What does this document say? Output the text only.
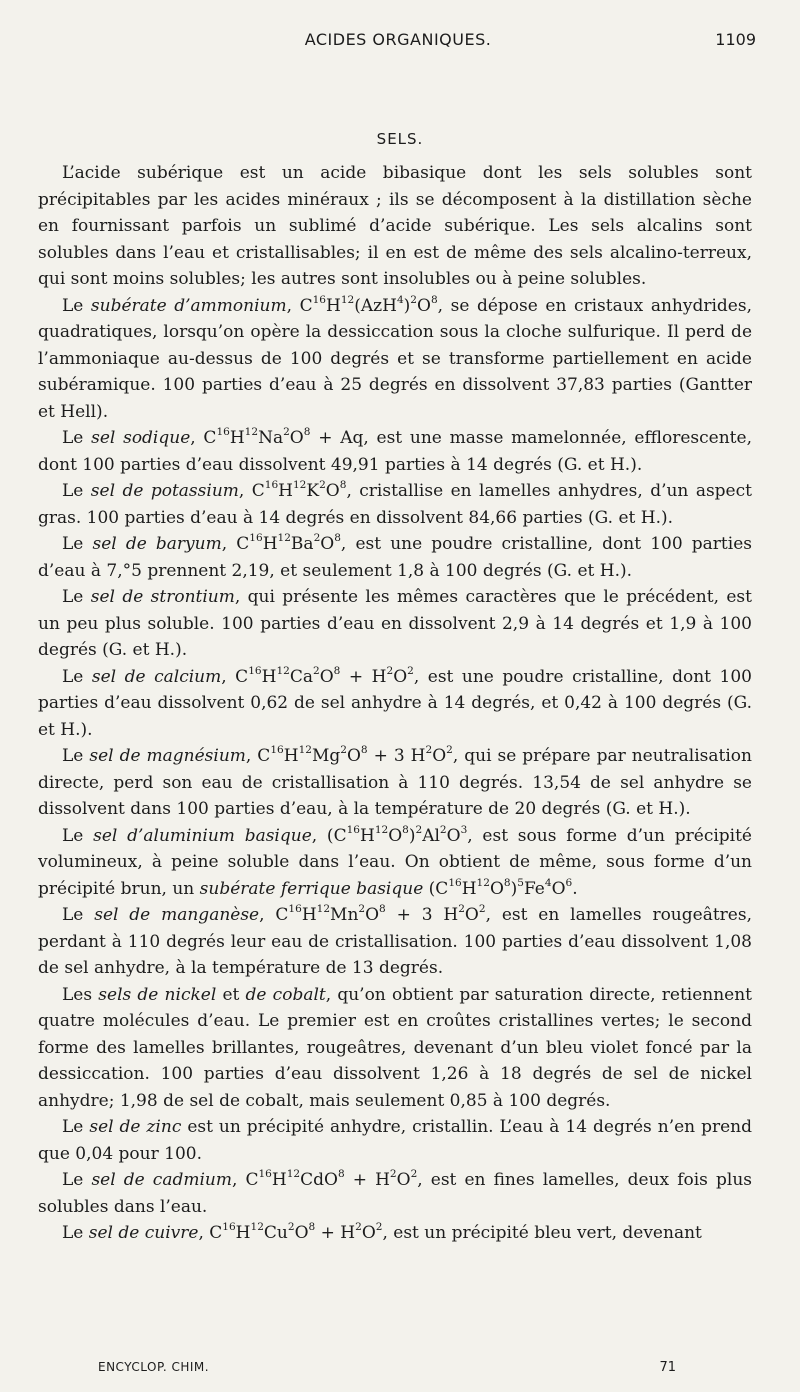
ACIDES ORGANIQUES.	1109
SELS.

L’acide subérique est un acide bibasique dont les sels solubles sont précipitables par les acides minéraux ; ils se décomposent à la distillation sèche en fournissant parfois un sublimé d’acide subérique. Les sels alcalins sont solubles dans l’eau et cristallisables; il en est de même des sels alcalino-terreux, qui sont moins solubles; les autres sont insolubles ou à peine solubles.

Le subérate d’ammonium, $C^{16}H^{12}(AzH^4)^2O^8$, se dépose en cristaux anhydrides, quadratiques, lorsqu’on opère la dessiccation sous la cloche sulfurique. Il perd de l’ammoniaque au-dessus de 100 degrés et se transforme partiellement en acide subéramique. 100 parties d’eau à 25 degrés en dissolvent 37,83 parties (Gantter et Hell).

Le sel sodique, $C^{16}H^{12}Na^2O^8 + Aq$, est une masse mamelonnée, efflorescente, dont 100 parties d’eau dissolvent 49,91 parties à 14 degrés (G. et H.).

Le sel de potassium, $C^{16}H^{12}K^2O^8$, cristallise en lamelles anhydres, d’un aspect gras. 100 parties d’eau à 14 degrés en dissolvent 84,66 parties (G. et H.).

Le sel de baryum, $C^{16}H^{12}Ba^2O^8$, est une poudre cristalline, dont 100 parties d’eau à 7,°5 prennent 2,19, et seulement 1,8 à 100 degrés (G. et H.).

Le sel de strontium, qui présente les mêmes caractères que le précédent, est un peu plus soluble. 100 parties d’eau en dissolvent 2,9 à 14 degrés et 1,9 à 100 degrés (G. et H.).

Le sel de calcium, $C^{16}H^{12}Ca^2O^8 + H^2O^2$, est une poudre cristalline, dont 100 parties d’eau dissolvent 0,62 de sel anhydre à 14 degrés, et 0,42 à 100 degrés (G. et H.).

Le sel de magnésium, $C^{16}H^{12}Mg^2O^8 + 3$ $H^2O^2$, qui se prépare par neutralisation directe, perd son eau de cristallisation à 110 degrés. 13,54 de sel anhydre se dissolvent dans 100 parties d’eau, à la température de 20 degrés (G. et H.).

Le sel d’aluminium basique, $(C^{16}H^{12}O^8)^2Al^2O^3$, est sous forme d’un précipité volumineux, à peine soluble dans l’eau. On obtient de même, sous forme d’un précipité brun, un subérate ferrique basique $(C^{16}H^{12}O^8)^5Fe^4O^6$.

Le sel de manganèse, $C^{16}H^{12}Mn^2O^8 + 3$ $H^2O^2$, est en lamelles rougeâtres, perdant à 110 degrés leur eau de cristallisation. 100 parties d’eau dissolvent 1,08 de sel anhydre, à la température de 13 degrés.

Les sels de nickel et de cobalt, qu’on obtient par saturation directe, retiennent quatre molécules d’eau. Le premier est en croûtes cristallines vertes; le second forme des lamelles brillantes, rougeâtres, devenant d’un bleu violet foncé par la dessiccation. 100 parties d’eau dissolvent 1,26 à 18 degrés de sel de nickel anhydre; 1,98 de sel de cobalt, mais seulement 0,85 à 100 degrés.

Le sel de zinc est un précipité anhydre, cristallin. L’eau à 14 degrés n’en prend que 0,04 pour 100.

Le sel de cadmium, $C^{16}H^{12}CdO^8 + H^2O^2$, est en fines lamelles, deux fois plus solubles dans l’eau.

Le sel de cuivre, $C^{16}H^{12}Cu^2O^8 + H^2O^2$, est un précipité bleu vert, devenant

ENCYCLOP. CHIM.	71
